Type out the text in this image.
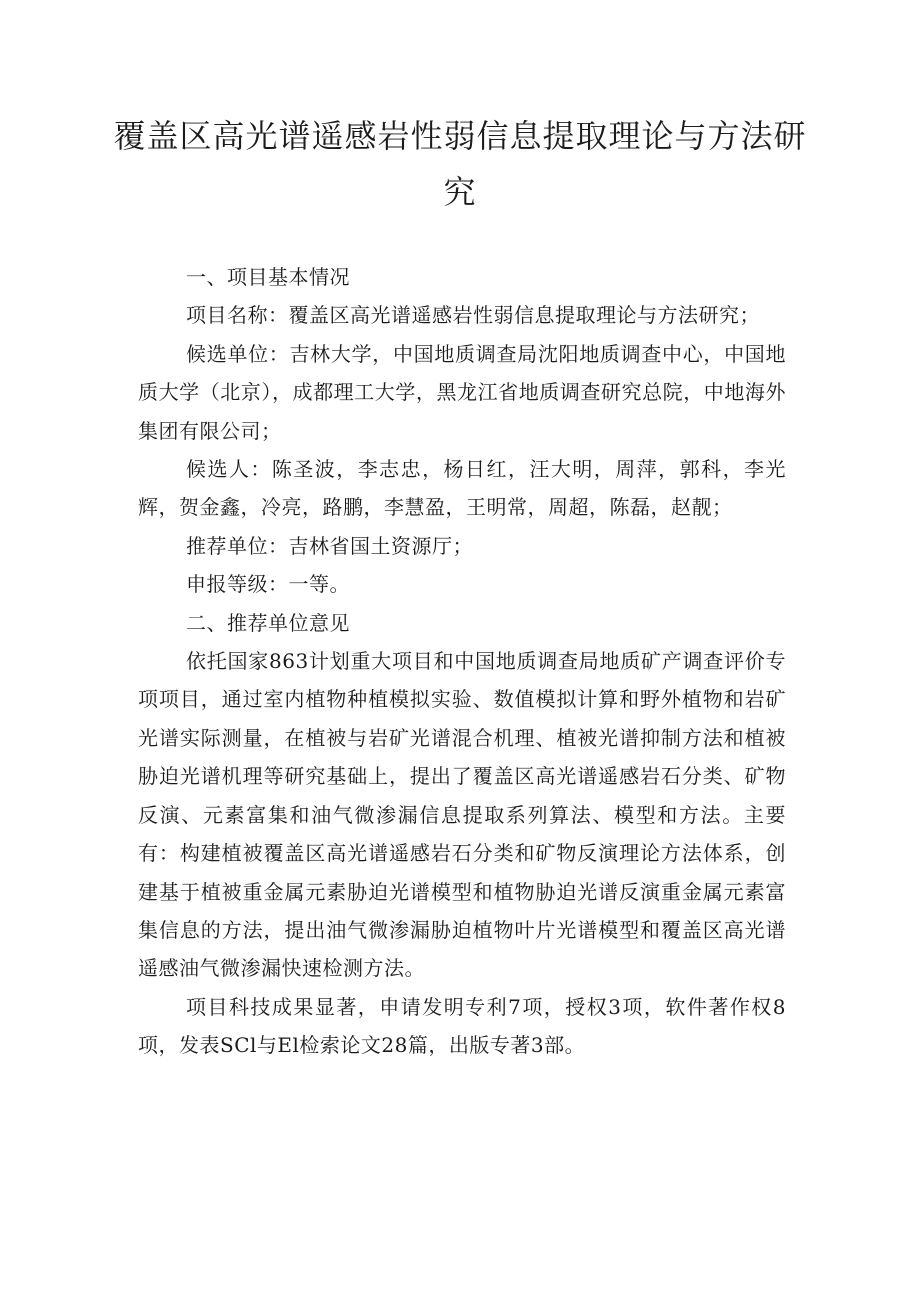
覆盖区高光谱遥感岩性弱信息提取理论与方法研究

一、项目基本情况

项目名称：覆盖区高光谱遥感岩性弱信息提取理论与方法研究；

候选单位：吉林大学，中国地质调查局沈阳地质调查中心，中国地质大学（北京），成都理工大学，黑龙江省地质调查研究总院，中地海外集团有限公司；

候选人：陈圣波，李志忠，杨日红，汪大明，周萍，郭科，李光辉，贺金鑫，冷亮，路鹏，李慧盈，王明常，周超，陈磊，赵靓；

推荐单位：吉林省国土资源厅；

申报等级：一等。

二、推荐单位意见

依托国家863计划重大项目和中国地质调查局地质矿产调查评价专项项目，通过室内植物种植模拟实验、数值模拟计算和野外植物和岩矿光谱实际测量，在植被与岩矿光谱混合机理、植被光谱抑制方法和植被胁迫光谱机理等研究基础上，提出了覆盖区高光谱遥感岩石分类、矿物反演、元素富集和油气微渗漏信息提取系列算法、模型和方法。主要有：构建植被覆盖区高光谱遥感岩石分类和矿物反演理论方法体系，创建基于植被重金属元素胁迫光谱模型和植物胁迫光谱反演重金属元素富集信息的方法，提出油气微渗漏胁迫植物叶片光谱模型和覆盖区高光谱遥感油气微渗漏快速检测方法。

项目科技成果显著，申请发明专利7项，授权3项，软件著作权8项，发表SCl与El检索论文28篇，出版专著3部。
